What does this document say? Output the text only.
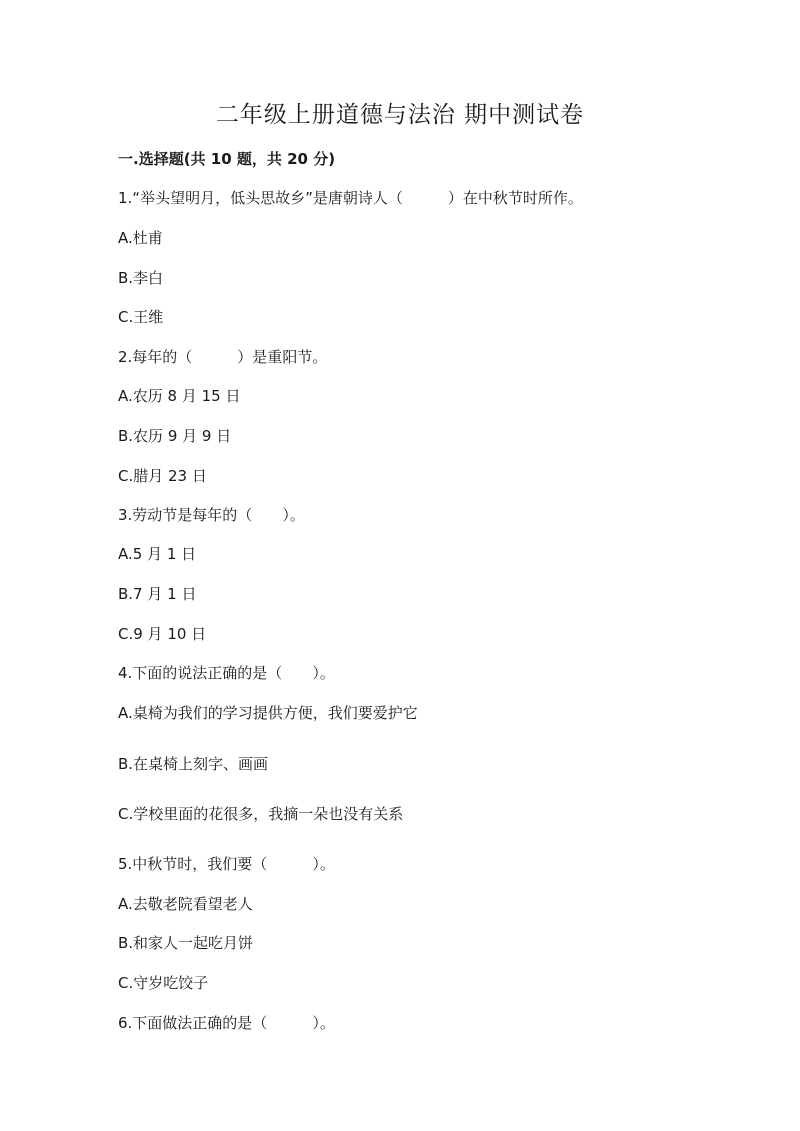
二年级上册道德与法治 期中测试卷
一.选择题(共 10 题，共 20 分)
1.“举头望明月，低头思故乡”是唐朝诗人（　　　）在中秋节时所作。
A.杜甫
B.李白
C.王维
2.每年的（　　　）是重阳节。
A.农历 8 月 15 日
B.农历 9 月 9 日
C.腊月 23 日
3.劳动节是每年的（　　）。
A.5 月 1 日
B.7 月 1 日
C.9 月 10 日
4.下面的说法正确的是（　　）。
A.桌椅为我们的学习提供方便，我们要爱护它
B.在桌椅上刻字、画画
C.学校里面的花很多，我摘一朵也没有关系
5.中秋节时，我们要（　　　）。
A.去敬老院看望老人
B.和家人一起吃月饼
C.守岁吃饺子
6.下面做法正确的是（　　　）。
